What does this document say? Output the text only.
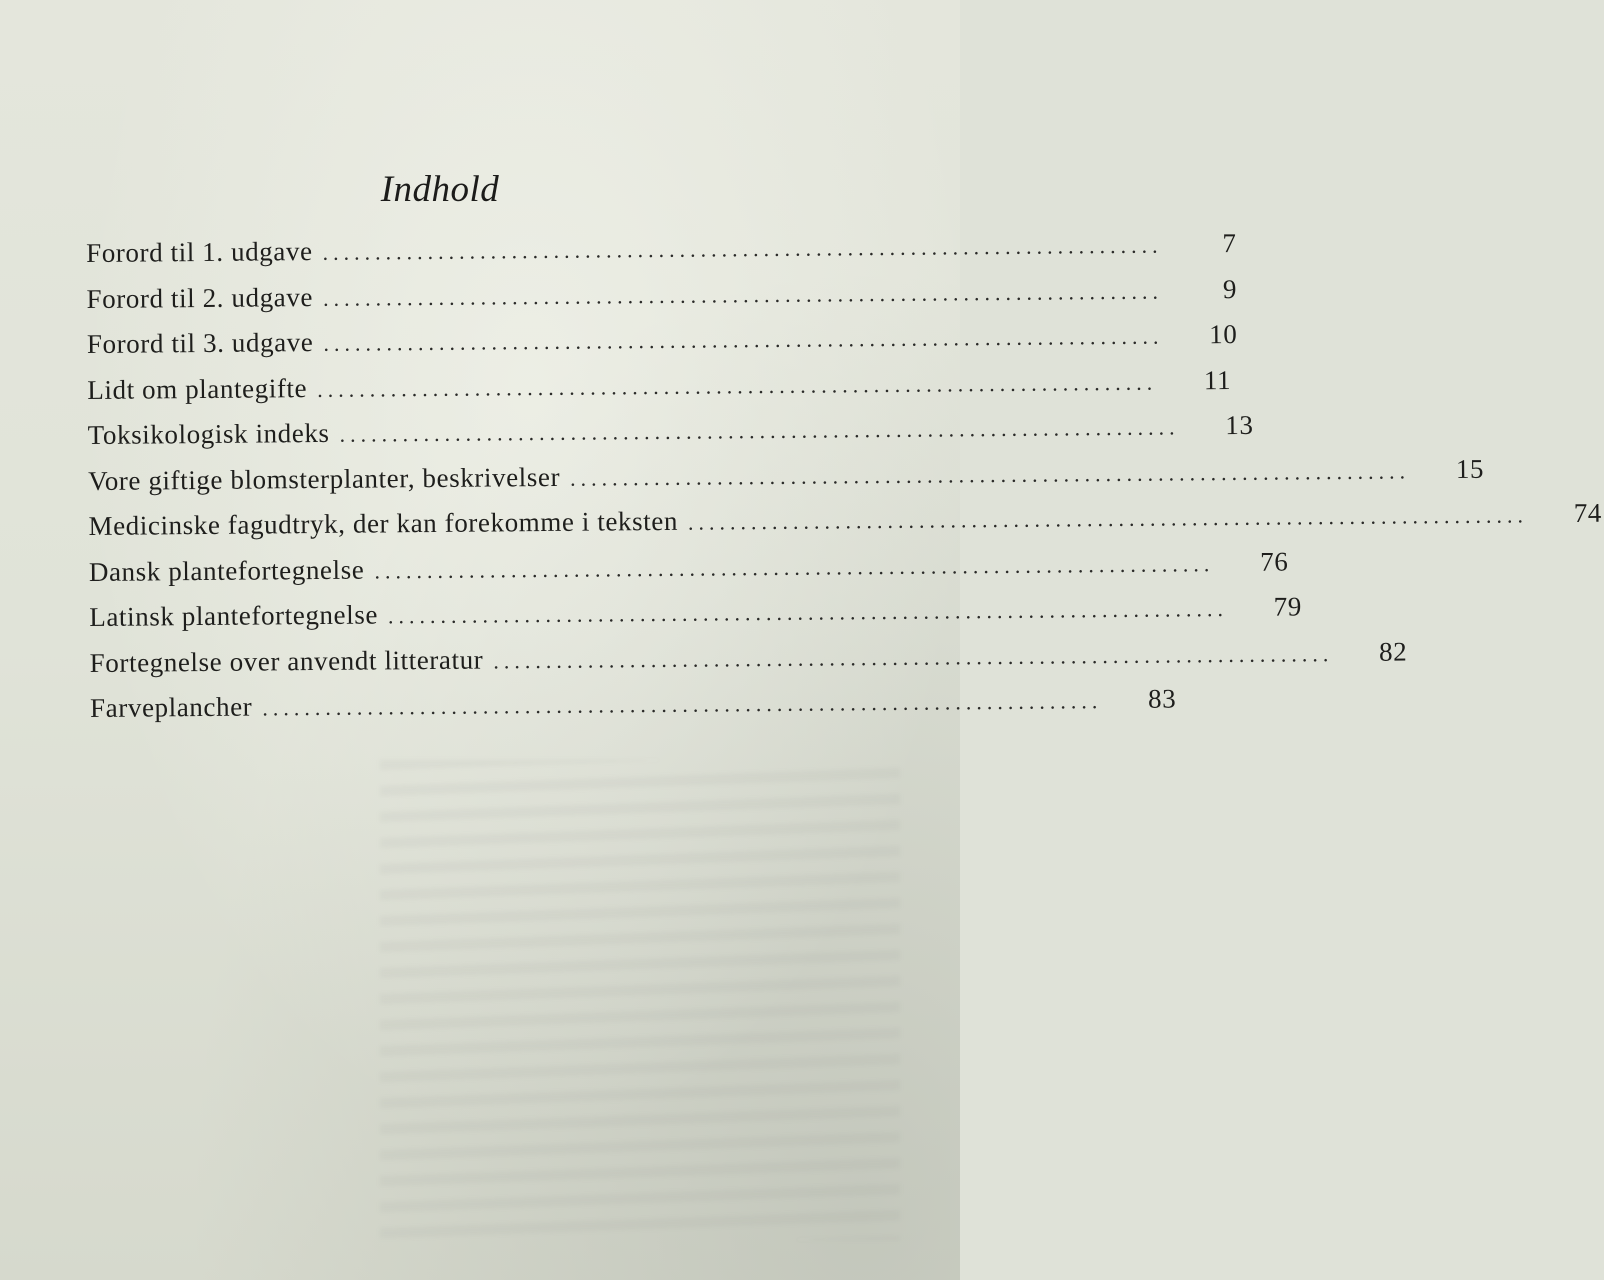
Indhold
Forord til 1. udgave ................................................................................	7
Forord til 2. udgave ................................................................................	9
Forord til 3. udgave ................................................................................	10
Lidt om plantegifte ................................................................................	11
Toksikologisk indeks ................................................................................	13
Vore giftige blomsterplanter, beskrivelser ................................................................................	15
Medicinske fagudtryk, der kan forekomme i teksten ................................................................................	74
Dansk plantefortegnelse ................................................................................	76
Latinsk plantefortegnelse ................................................................................	79
Fortegnelse over anvendt litteratur ................................................................................	82
Farveplancher ................................................................................	83
